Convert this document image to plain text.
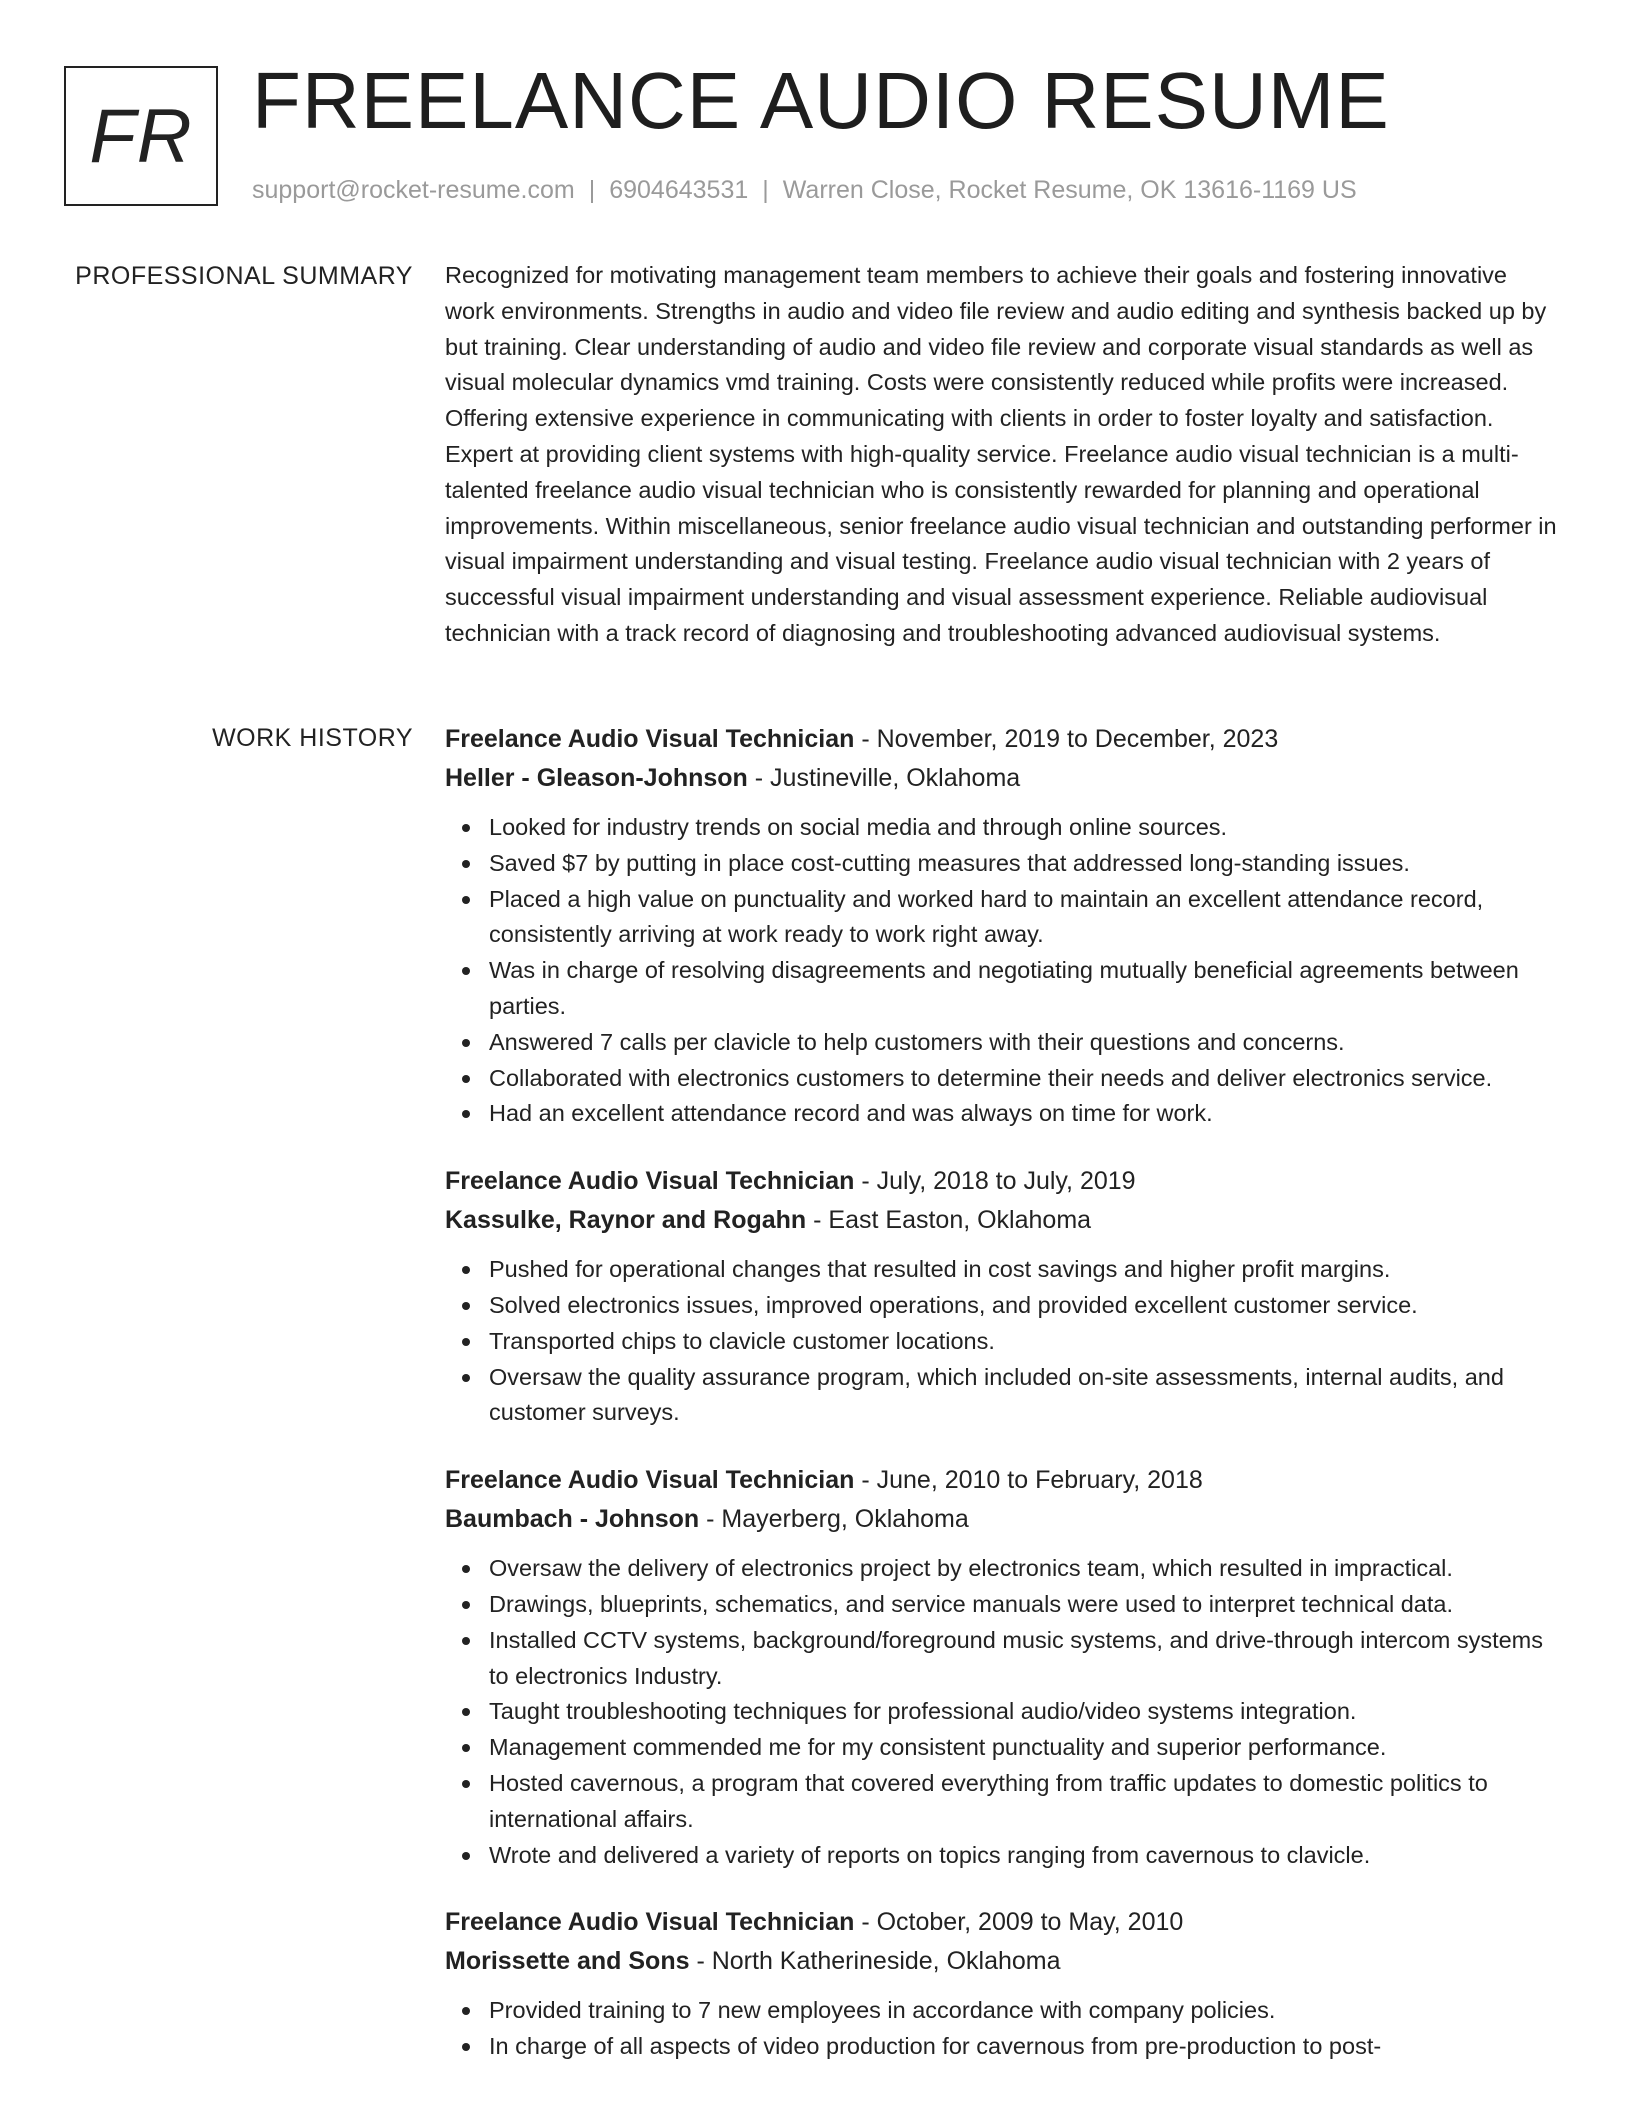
FR FREELANCE AUDIO RESUME
support@rocket-resume.com | 6904643531 | Warren Close, Rocket Resume, OK 13616-1169 US
PROFESSIONAL SUMMARY Recognized for motivating management team members to achieve their goals and fostering innovative work environments. Strengths in audio and video file review and audio editing and synthesis backed up by but training. Clear understanding of audio and video file review and corporate visual standards as well as visual molecular dynamics vmd training. Costs were consistently reduced while profits were increased. Offering extensive experience in communicating with clients in order to foster loyalty and satisfaction. Expert at providing client systems with high-quality service. Freelance audio visual technician is a multi-talented freelance audio visual technician who is consistently rewarded for planning and operational improvements. Within miscellaneous, senior freelance audio visual technician and outstanding performer in visual impairment understanding and visual testing. Freelance audio visual technician with 2 years of successful visual impairment understanding and visual assessment experience. Reliable audiovisual technician with a track record of diagnosing and troubleshooting advanced audiovisual systems.

WORK HISTORY Freelance Audio Visual Technician - November, 2019 to December, 2023
Heller - Gleason-Johnson - Justineville, Oklahoma
Looked for industry trends on social media and through online sources.
Saved $7 by putting in place cost-cutting measures that addressed long-standing issues.
Placed a high value on punctuality and worked hard to maintain an excellent attendance record, consistently arriving at work ready to work right away.
Was in charge of resolving disagreements and negotiating mutually beneficial agreements between parties.
Answered 7 calls per clavicle to help customers with their questions and concerns.
Collaborated with electronics customers to determine their needs and deliver electronics service.
Had an excellent attendance record and was always on time for work.
Freelance Audio Visual Technician - July, 2018 to July, 2019
Kassulke, Raynor and Rogahn - East Easton, Oklahoma
Pushed for operational changes that resulted in cost savings and higher profit margins.
Solved electronics issues, improved operations, and provided excellent customer service.
Transported chips to clavicle customer locations.
Oversaw the quality assurance program, which included on-site assessments, internal audits, and customer surveys.
Freelance Audio Visual Technician - June, 2010 to February, 2018
Baumbach - Johnson - Mayerberg, Oklahoma
Oversaw the delivery of electronics project by electronics team, which resulted in impractical.
Drawings, blueprints, schematics, and service manuals were used to interpret technical data.
Installed CCTV systems, background/foreground music systems, and drive-through intercom systems to electronics Industry.
Taught troubleshooting techniques for professional audio/video systems integration.
Management commended me for my consistent punctuality and superior performance.
Hosted cavernous, a program that covered everything from traffic updates to domestic politics to international affairs.
Wrote and delivered a variety of reports on topics ranging from cavernous to clavicle.
Freelance Audio Visual Technician - October, 2009 to May, 2010
Morissette and Sons - North Katherineside, Oklahoma
Provided training to 7 new employees in accordance with company policies.
In charge of all aspects of video production for cavernous from pre-production to post-
